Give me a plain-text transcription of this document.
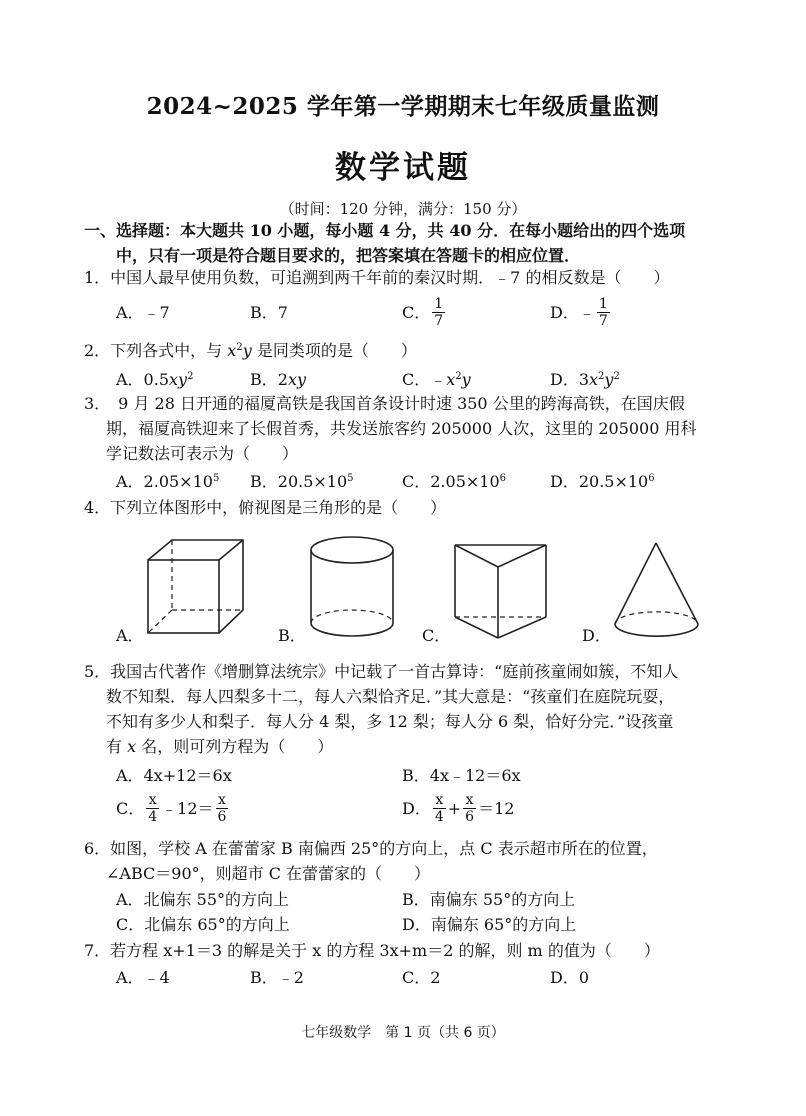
2024~2025 学年第一学期期末七年级质量监测
数学试题
（时间：120 分钟，满分：150 分）
一、选择题：本大题共 10 小题，每小题 4 分，共 40 分．在每小题给出的四个选项
中，只有一项是符合题目要求的，把答案填在答题卡的相应位置．
1．中国人最早使用负数，可追溯到两千年前的秦汉时期．﹣7 的相反数是（　　）
A．﹣7	B．7	C． $\frac{1}{7}$	D．﹣ $\frac{1}{7}$
2．下列各式中，与 $x^2y$ 是同类项的是（　　）
A．$0.5xy^2$	B．2xy	C．$﹣x^2y$	D．$3x^2y^2$
3．　9 月 28 日开通的福厦高铁是我国首条设计时速 350 公里的跨海高铁，在国庆假
期，福厦高铁迎来了长假首秀，共发送旅客约 205000 人次，这里的 205000 用科
学记数法可表示为（　　）
A．$2.05\times 10^5$ B．$20.5\times 10^5$	C．$2.05\times 10^6$	D．$20.5\times 10^6$
4．下列立体图形中，俯视图是三角形的是（　　）
A．	B．	C．	D．
5．我国古代著作《增删算法统宗》中记载了一首古算诗：“庭前孩童闹如簇，不知人
数不知梨．每人四梨多十二，每人六梨恰齐足．”其大意是：“孩童们在庭院玩耍，
不知有多少人和梨子．每人分 4 梨，多 12 梨；每人分 6 梨，恰好分完．”设孩童
有 x 名，则可列方程为（　　）
A．4x+12＝6x	B．4x﹣12＝6x
C． $\frac{x}{4}$ ﹣12＝ $\frac{x}{6}$	D． $\frac{x}{4} + \frac{x}{6} =12$
6．如图，学校 A 在蕾蕾家 B 南偏西 25°的方向上，点 C 表示超市所在的位置，
∠ABC＝90°，则超市 C 在蕾蕾家的（　　）
A．北偏东 55°的方向上	B．南偏东 55°的方向上
C．北偏东 65°的方向上	D．南偏东 65°的方向上
7．若方程 x+1＝3 的解是关于 x 的方程 3x+m＝2 的解，则 m 的值为（　　）
A．﹣4	B．﹣2	C．2	D．0
七年级数学　第 1 页（共 6 页）
